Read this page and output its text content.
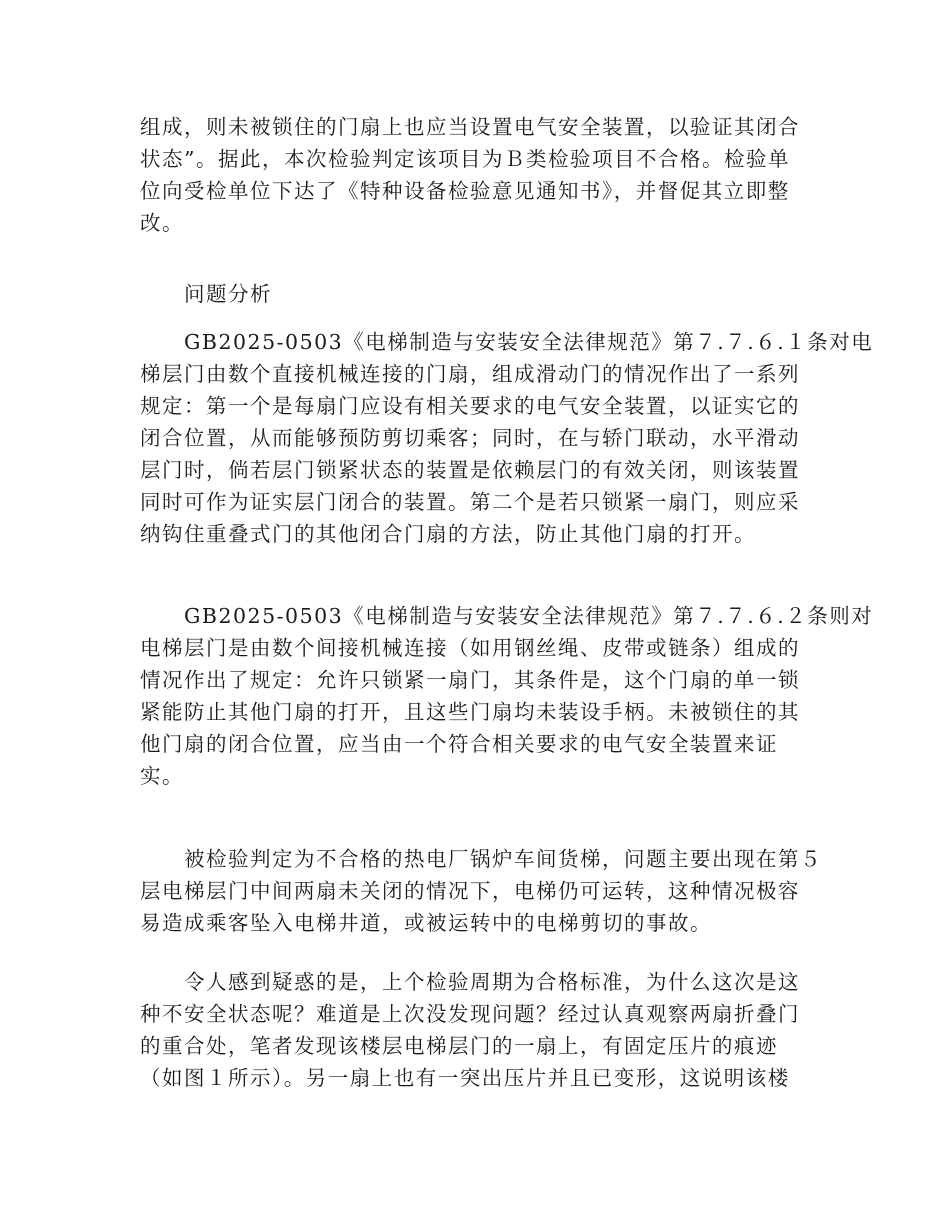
组成，则未被锁住的门扇上也应当设置电气安全装置，以验证其闭合
状态”。据此，本次检验判定该项目为Ｂ类检验项目不合格。检验单
位向受检单位下达了《特种设备检验意见通知书》，并督促其立即整
改。
　　问题分析
　　GB2025-0503《电梯制造与安装安全法律规范》第７.７.６.１条对电
梯层门由数个直接机械连接的门扇，组成滑动门的情况作出了一系列
规定：第一个是每扇门应设有相关要求的电气安全装置，以证实它的
闭合位置，从而能够预防剪切乘客；同时，在与轿门联动，水平滑动
层门时，倘若层门锁紧状态的装置是依赖层门的有效关闭，则该装置
同时可作为证实层门闭合的装置。第二个是若只锁紧一扇门，则应采
纳钩住重叠式门的其他闭合门扇的方法，防止其他门扇的打开。
　　GB2025-0503《电梯制造与安装安全法律规范》第７.７.６.２条则对
电梯层门是由数个间接机械连接（如用钢丝绳、皮带或链条）组成的
情况作出了规定：允许只锁紧一扇门，其条件是，这个门扇的单一锁
紧能防止其他门扇的打开，且这些门扇均未装设手柄。未被锁住的其
他门扇的闭合位置，应当由一个符合相关要求的电气安全装置来证
实。
　　被检验判定为不合格的热电厂锅炉车间货梯，问题主要出现在第５
层电梯层门中间两扇未关闭的情况下，电梯仍可运转，这种情况极容
易造成乘客坠入电梯井道，或被运转中的电梯剪切的事故。
　　令人感到疑惑的是，上个检验周期为合格标准，为什么这次是这
种不安全状态呢？难道是上次没发现问题？经过认真观察两扇折叠门
的重合处，笔者发现该楼层电梯层门的一扇上，有固定压片的痕迹
（如图１所示）。另一扇上也有一突出压片并且已变形，这说明该楼
